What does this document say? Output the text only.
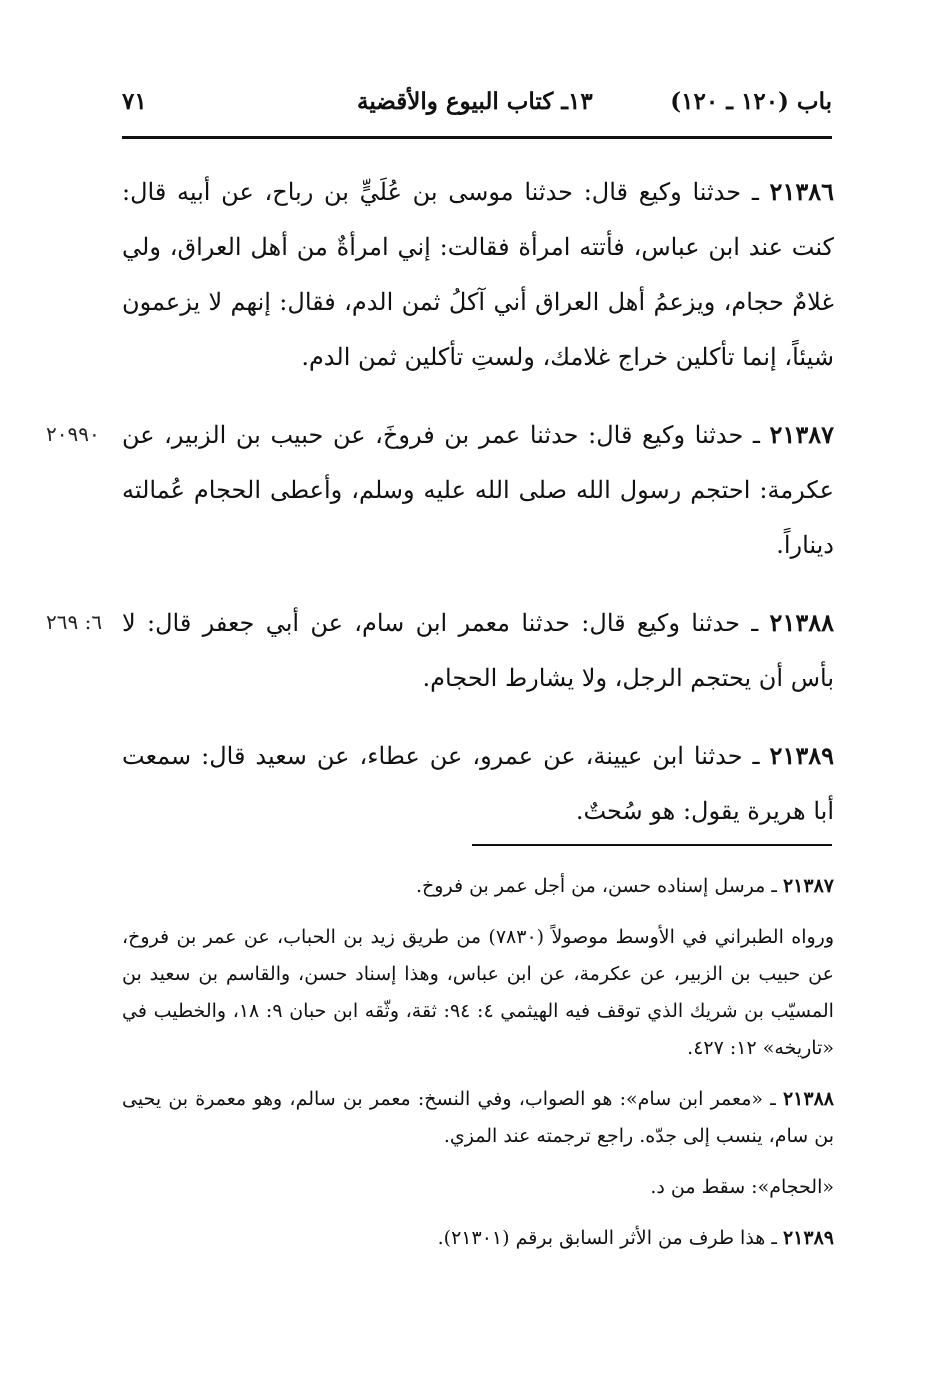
٧١	١٣ـ كتاب البيوع والأقضية	باب (١٢٠ ـ ١٢٠)
٢١٣٨٦ ـ حدثنا وكيع قال: حدثنا موسى بن عُلَيٍّ بن رباح، عن أبيه قال: كنت عند ابن عباس، فأتته امرأة فقالت: إني امرأةٌ من أهل العراق، ولي غلامٌ حجام، ويزعمُ أهل العراق أني آكلُ ثمن الدم، فقال: إنهم لا يزعمون شيئاً، إنما تأكلين خراج غلامك، ولستِ تأكلين ثمن الدم.
٢٠٩٩٠	٢١٣٨٧ ـ حدثنا وكيع قال: حدثنا عمر بن فروخَ، عن حبيب بن الزبير، عن عكرمة: احتجم رسول الله صلى الله عليه وسلم، وأعطى الحجام عُمالته ديناراً.
٦: ٢٦٩	٢١٣٨٨ ـ حدثنا وكيع قال: حدثنا معمر ابن سام، عن أبي جعفر قال: لا بأس أن يحتجم الرجل، ولا يشارط الحجام.
٢١٣٨٩ ـ حدثنا ابن عيينة، عن عمرو، عن عطاء، عن سعيد قال: سمعت أبا هريرة يقول: هو سُحتٌ.
٢١٣٨٧ ـ مرسل إسناده حسن، من أجل عمر بن فروخ.
ورواه الطبراني في الأوسط موصولاً (٧٨٣٠) من طريق زيد بن الحباب، عن عمر بن فروخ، عن حبيب بن الزبير، عن عكرمة، عن ابن عباس، وهذا إسناد حسن، والقاسم بن سعيد بن المسيّب بن شريك الذي توقف فيه الهيثمي ٤: ٩٤: ثقة، وثّقه ابن حبان ٩: ١٨، والخطيب في «تاريخه» ١٢: ٤٢٧.
٢١٣٨٨ ـ «معمر ابن سام»: هو الصواب، وفي النسخ: معمر بن سالم، وهو معمرة بن يحيى بن سام، ينسب إلى جدّه. راجع ترجمته عند المزي.
«الحجام»: سقط من د.
٢١٣٨٩ ـ هذا طرف من الأثر السابق برقم (٢١٣٠١).
